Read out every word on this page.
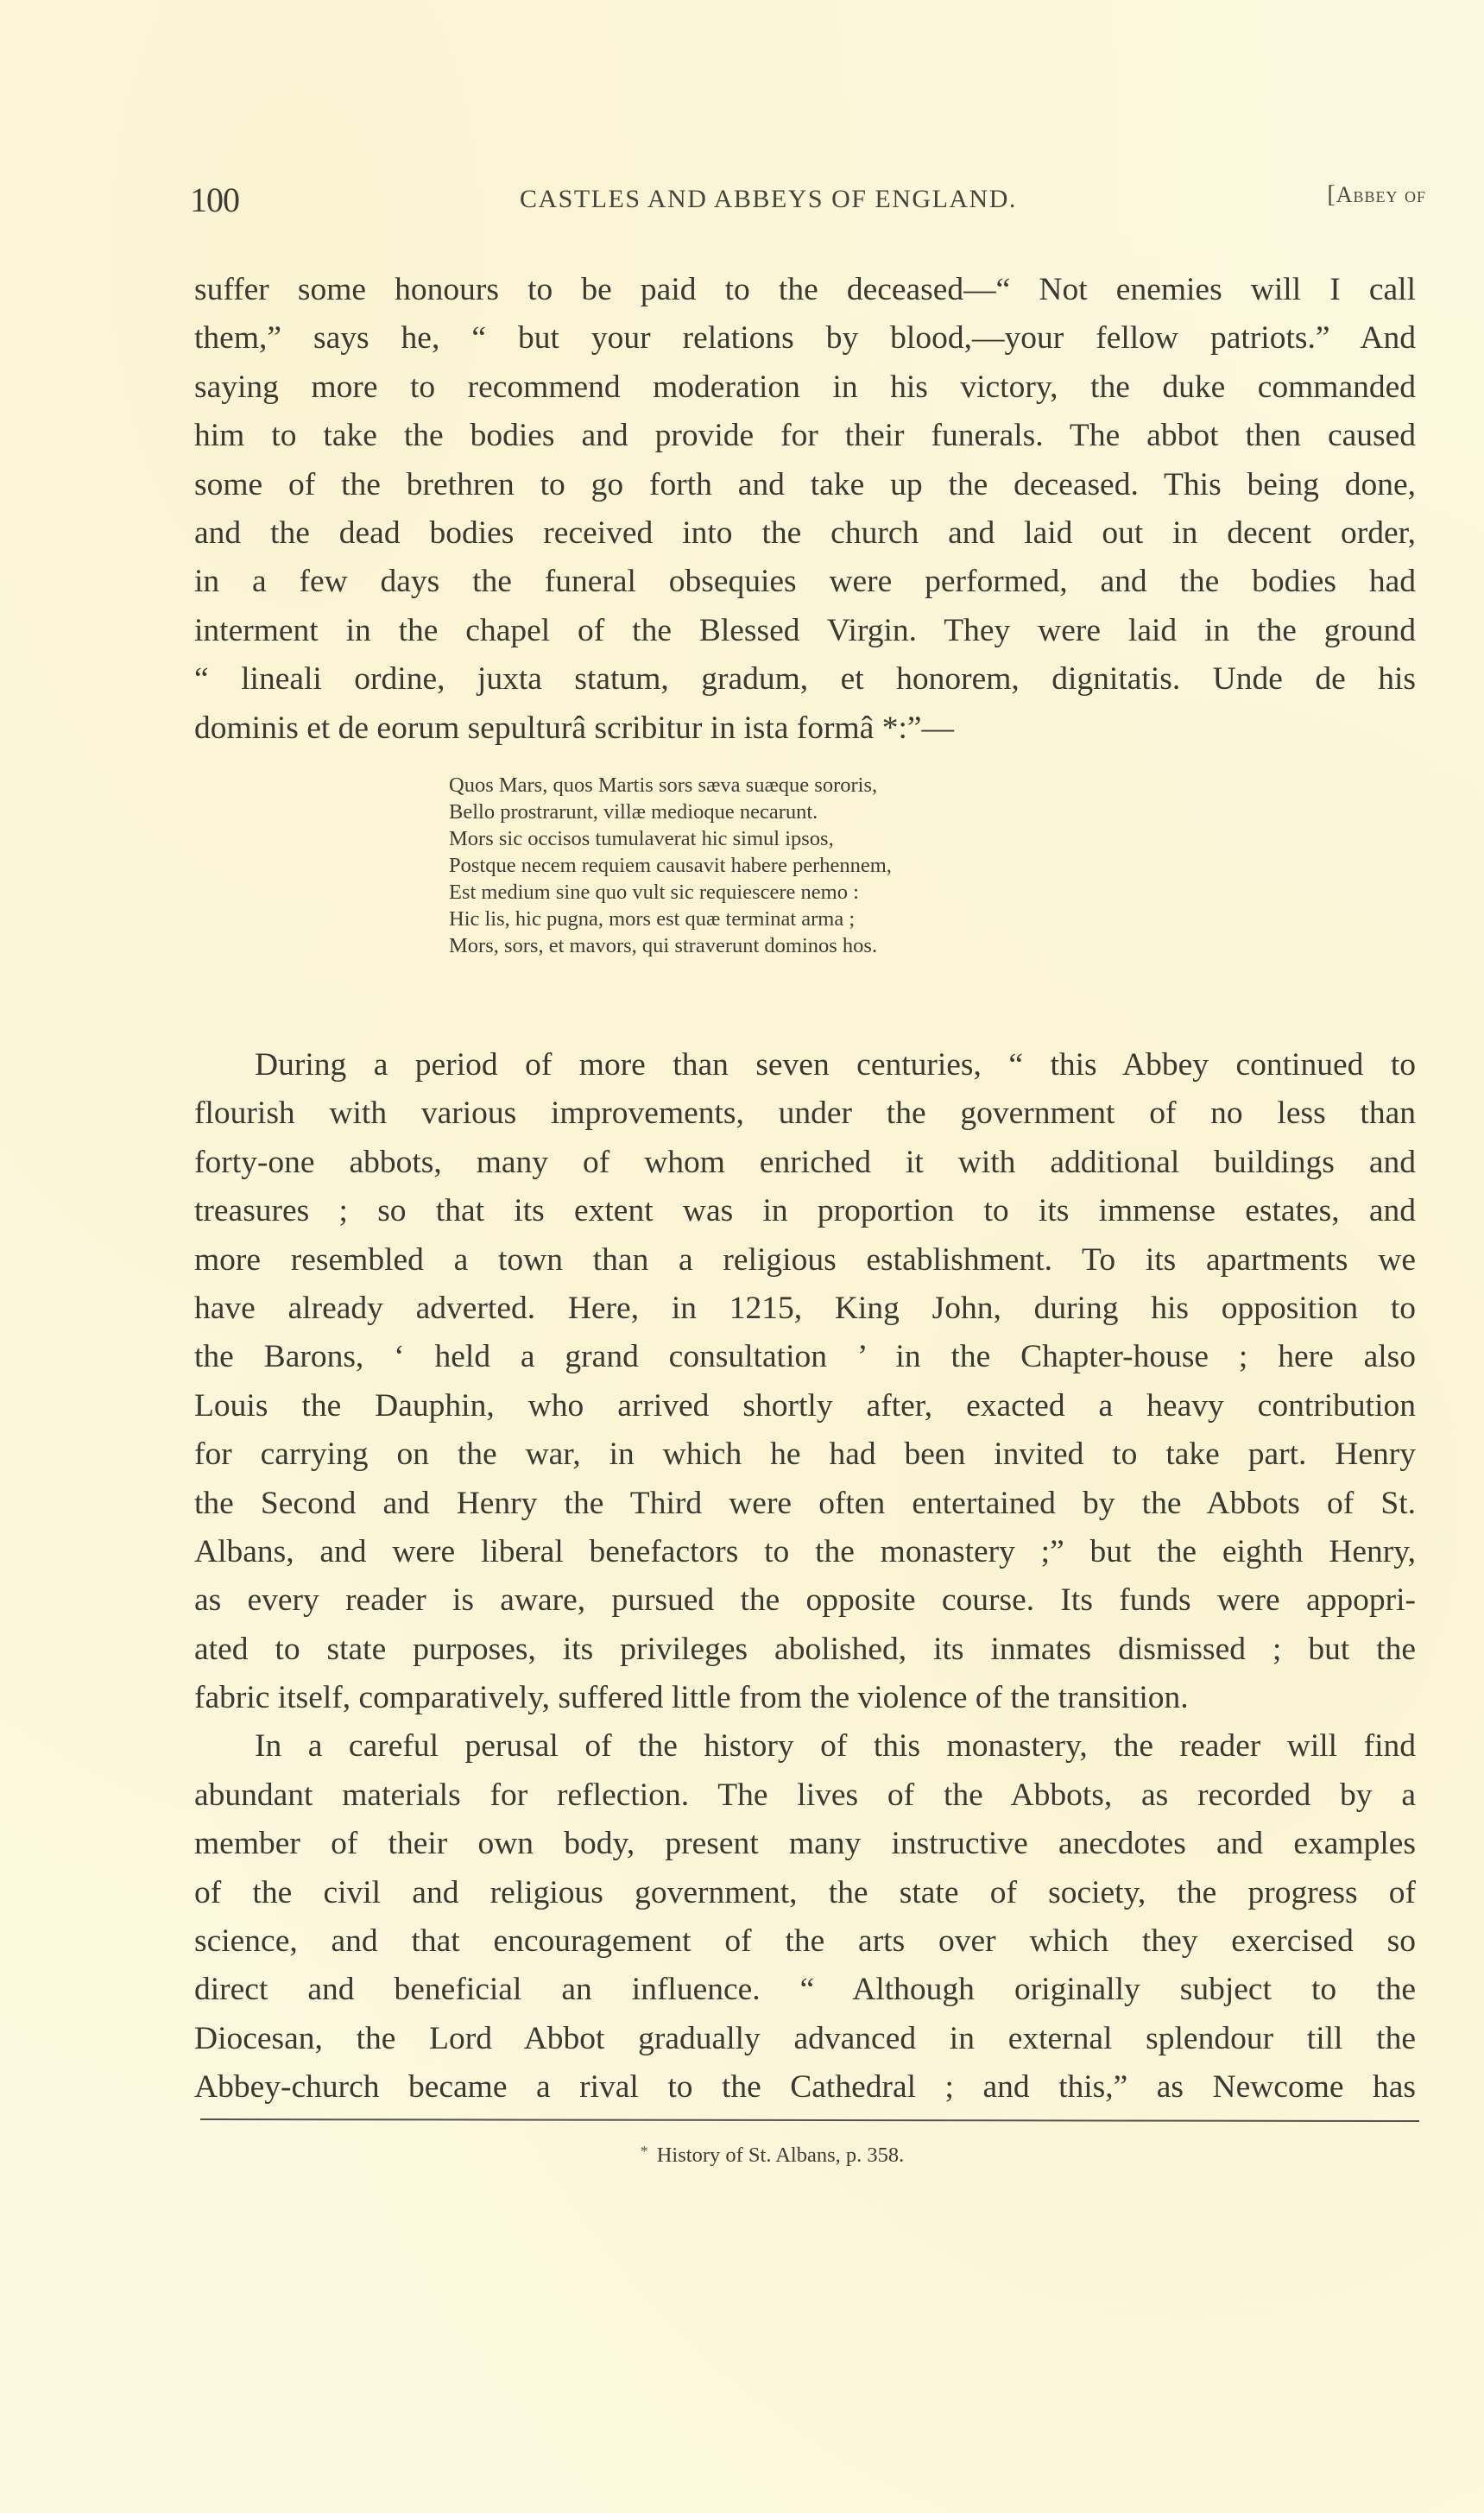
100	CASTLES AND ABBEYS OF ENGLAND.	[Abbey of
suffer some honours to be paid to the deceased—“ Not enemies will I call
them,” says he, “ but your relations by blood,—your fellow patriots.” And
saying more to recommend moderation in his victory, the duke commanded
him to take the bodies and provide for their funerals. The abbot then caused
some of the brethren to go forth and take up the deceased. This being done,
and the dead bodies received into the church and laid out in decent order,
in a few days the funeral obsequies were performed, and the bodies had
interment in the chapel of the Blessed Virgin. They were laid in the ground
“ lineali ordine, juxta statum, gradum, et honorem, dignitatis. Unde de his
dominis et de eorum sepulturâ scribitur in ista formâ *:”—
Quos Mars, quos Martis sors sæva suæque sororis,
Bello prostrarunt, villæ medioque necarunt.
Mors sic occisos tumulaverat hic simul ipsos,
Postque necem requiem causavit habere perhennem,
Est medium sine quo vult sic requiescere nemo :
Hic lis, hic pugna, mors est quæ terminat arma ;
Mors, sors, et mavors, qui straverunt dominos hos.
During a period of more than seven centuries, “ this Abbey continued to
flourish with various improvements, under the government of no less than
forty-one abbots, many of whom enriched it with additional buildings and
treasures ; so that its extent was in proportion to its immense estates, and
more resembled a town than a religious establishment. To its apartments we
have already adverted. Here, in 1215, King John, during his opposition to
the Barons, ‘ held a grand consultation ’ in the Chapter-house ; here also
Louis the Dauphin, who arrived shortly after, exacted a heavy contribution
for carrying on the war, in which he had been invited to take part. Henry
the Second and Henry the Third were often entertained by the Abbots of St.
Albans, and were liberal benefactors to the monastery ;” but the eighth Henry,
as every reader is aware, pursued the opposite course. Its funds were appopri-
ated to state purposes, its privileges abolished, its inmates dismissed ; but the
fabric itself, comparatively, suffered little from the violence of the transition.
In a careful perusal of the history of this monastery, the reader will find
abundant materials for reflection. The lives of the Abbots, as recorded by a
member of their own body, present many instructive anecdotes and examples
of the civil and religious government, the state of society, the progress of
science, and that encouragement of the arts over which they exercised so
direct and beneficial an influence. “ Although originally subject to the
Diocesan, the Lord Abbot gradually advanced in external splendour till the
Abbey-church became a rival to the Cathedral ; and this,” as Newcome has
* History of St. Albans, p. 358.
